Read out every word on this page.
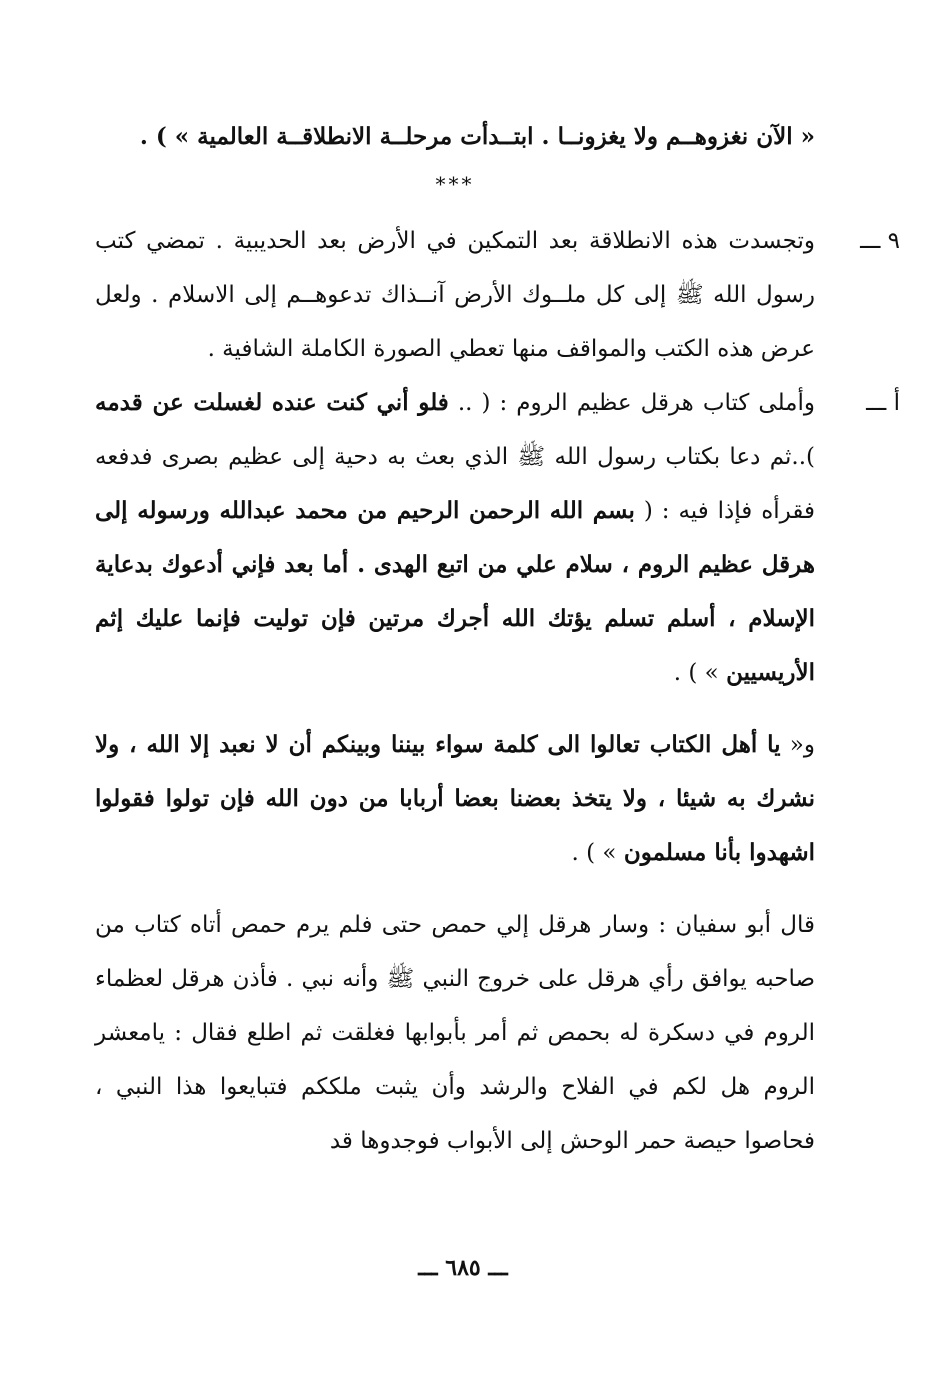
« الآن نغزوهــم ولا يغزونــا . ابتــدأت مرحلــة الانطلاقــة العالمية » ) .

***
٩ ـــ

وتجسدت هذه الانطلاقة بعد التمكين في الأرض بعد الحديبية . تمضي كتب رسول الله ﷺ إلى كل ملــوك الأرض آنــذاك تدعوهــم إلى الاسلام . ولعل عرض هذه الكتب والمواقف منها تعطي الصورة الكاملة الشافية .

أ ـــ

وأملى كتاب هرقل عظيم الروم : ( .. فلو أني كنت عنده لغسلت عن قدمه )..ثم دعا بكتاب رسول الله ﷺ الذي بعث به دحية إلى عظيم بصرى فدفعه فقرأه فإذا فيه : ( بسم الله الرحمن الرحيم من محمد عبدالله ورسوله إلى هرقل عظيم الروم ، سلام علي من اتبع الهدى . أما بعد فإني أدعوك بدعاية الإسلام ، أسلم تسلم يؤتك الله أجرك مرتين فإن توليت فإنما عليك إثم الأريسيين » ) .

و« يا أهل الكتاب تعالوا الى كلمة سواء بيننا وبينكم أن لا نعبد إلا الله ، ولا نشرك به شيئا ، ولا يتخذ بعضنا بعضا أربابا من دون الله فإن تولوا فقولوا اشهدوا بأنا مسلمون » ) .

قال أبو سفيان : وسار هرقل إلي حمص حتى فلم يرم حمص أتاه كتاب من صاحبه يوافق رأي هرقل على خروج النبي ﷺ وأنه نبي . فأذن هرقل لعظماء الروم في دسكرة له بحمص ثم أمر بأبوابها فغلقت ثم اطلع فقال : يامعشر الروم هل لكم في الفلاح والرشد وأن يثبت ملككم فتبايعوا هذا النبي ، فحاصوا حيصة حمر الوحش إلى الأبواب فوجدوها قد

ـــ ٦٨٥ ـــ
